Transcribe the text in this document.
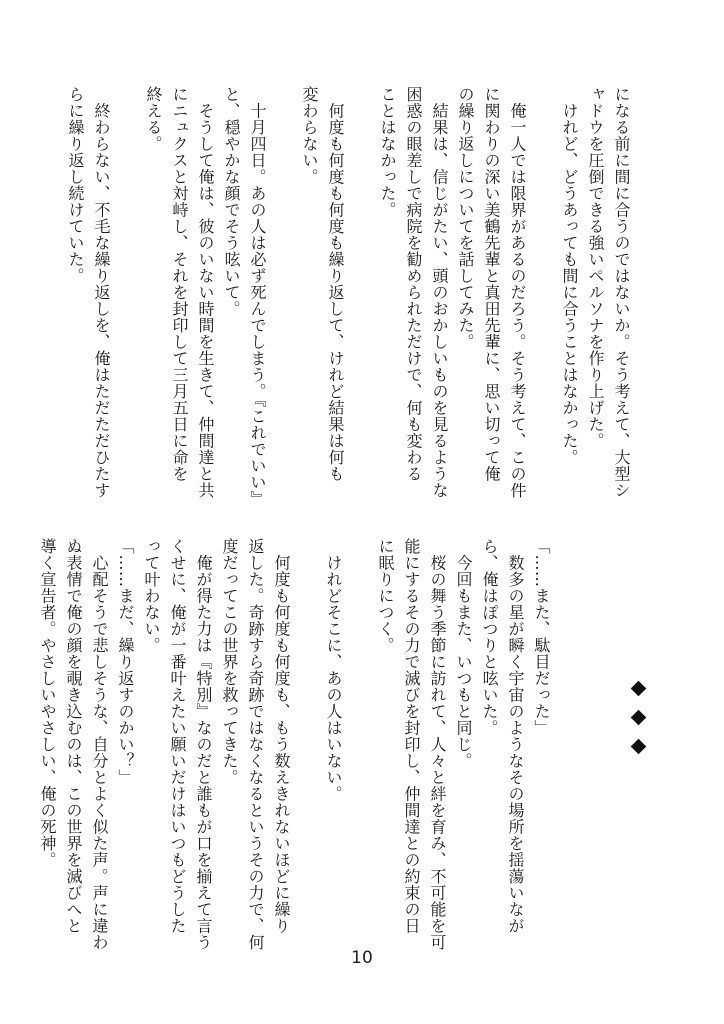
になる前に間に合うのではないか。そう考えて、大型シ

ャドウを圧倒できる強いペルソナを作り上げた。

　けれど、どうあっても間に合うことはなかった。

　俺一人では限界があるのだろう。そう考えて、この件

に関わりの深い美鶴先輩と真田先輩に、思い切って俺

の繰り返しについてを話してみた。

　結果は、信じがたい、頭のおかしいものを見るような

困惑の眼差しで病院を勧められただけで、何も変わる

ことはなかった。

　何度も何度も何度も繰り返して、けれど結果は何も

変わらない。

　十月四日。あの人は必ず死んでしまう。『これでいい』

と、穏やかな顔でそう呟いて。

　そうして俺は、彼のいない時間を生きて、仲間達と共

にニュクスと対峙し、それを封印して三月五日に命を

終える。

　終わらない、不毛な繰り返しを、俺はただただひたす

らに繰り返し続けていた。

「……また、駄目だった」

　数多の星が瞬く宇宙のようなその場所を揺蕩いなが

ら、俺はぽつりと呟いた。

　今回もまた、いつもと同じ。

　桜の舞う季節に訪れて、人々と絆を育み、不可能を可

能にするその力で滅びを封印し、仲間達との約束の日

に眠りにつく。

　けれどそこに、あの人はいない。

　何度も何度も何度も、もう数えきれないほどに繰り

返した。奇跡すら奇跡ではなくなるというその力で、何

度だってこの世界を救ってきた。

　俺が得た力は『特別』なのだと誰もが口を揃えて言う

くせに、俺が一番叶えたい願いだけはいつもどうした

って叶わない。

「……まだ、繰り返すのかい？」

　心配そうで悲しそうな、自分とよく似た声。声に違わ

ぬ表情で俺の顔を覗き込むのは、この世界を滅びへと

導く宣告者。やさしいやさしい、俺の死神。

10
